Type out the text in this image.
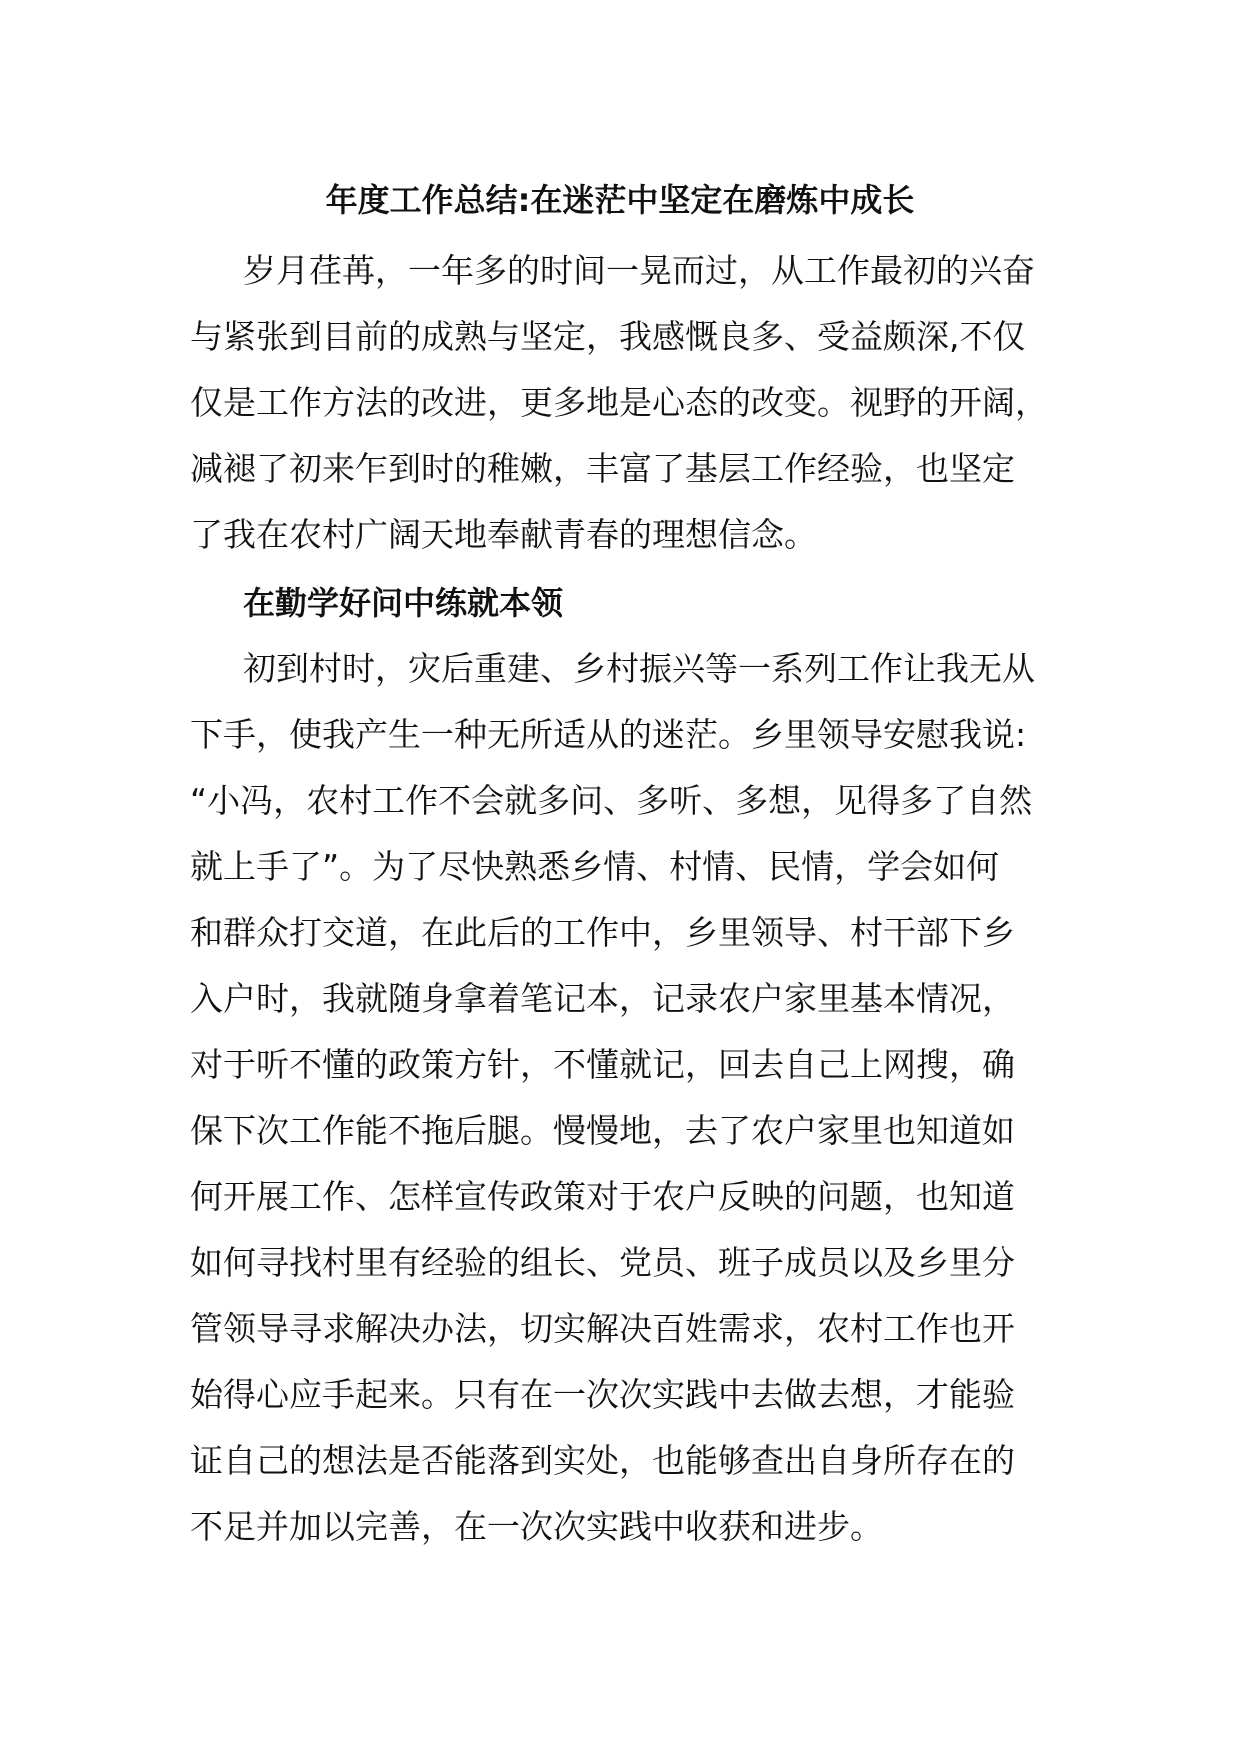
年度工作总结:在迷茫中坚定在磨炼中成长

岁月荏苒，一年多的时间一晃而过，从工作最初的兴奋

与紧张到目前的成熟与坚定，我感慨良多、受益颇深,不仅

仅是工作方法的改进，更多地是心态的改变。视野的开阔，

减褪了初来乍到时的稚嫩，丰富了基层工作经验，也坚定

了我在农村广阔天地奉献青春的理想信念。

在勤学好问中练就本领

初到村时，灾后重建、乡村振兴等一系列工作让我无从

下手，使我产生一种无所适从的迷茫。乡里领导安慰我说:

“小冯，农村工作不会就多问、多听、多想，见得多了自然

就上手了”。为了尽快熟悉乡情、村情、民情，学会如何

和群众打交道，在此后的工作中，乡里领导、村干部下乡

入户时，我就随身拿着笔记本，记录农户家里基本情况，

对于听不懂的政策方针，不懂就记，回去自己上网搜，确

保下次工作能不拖后腿。慢慢地，去了农户家里也知道如

何开展工作、怎样宣传政策对于农户反映的问题，也知道

如何寻找村里有经验的组长、党员、班子成员以及乡里分

管领导寻求解决办法，切实解决百姓需求，农村工作也开

始得心应手起来。只有在一次次实践中去做去想，才能验

证自己的想法是否能落到实处，也能够查出自身所存在的

不足并加以完善，在一次次实践中收获和进步。
